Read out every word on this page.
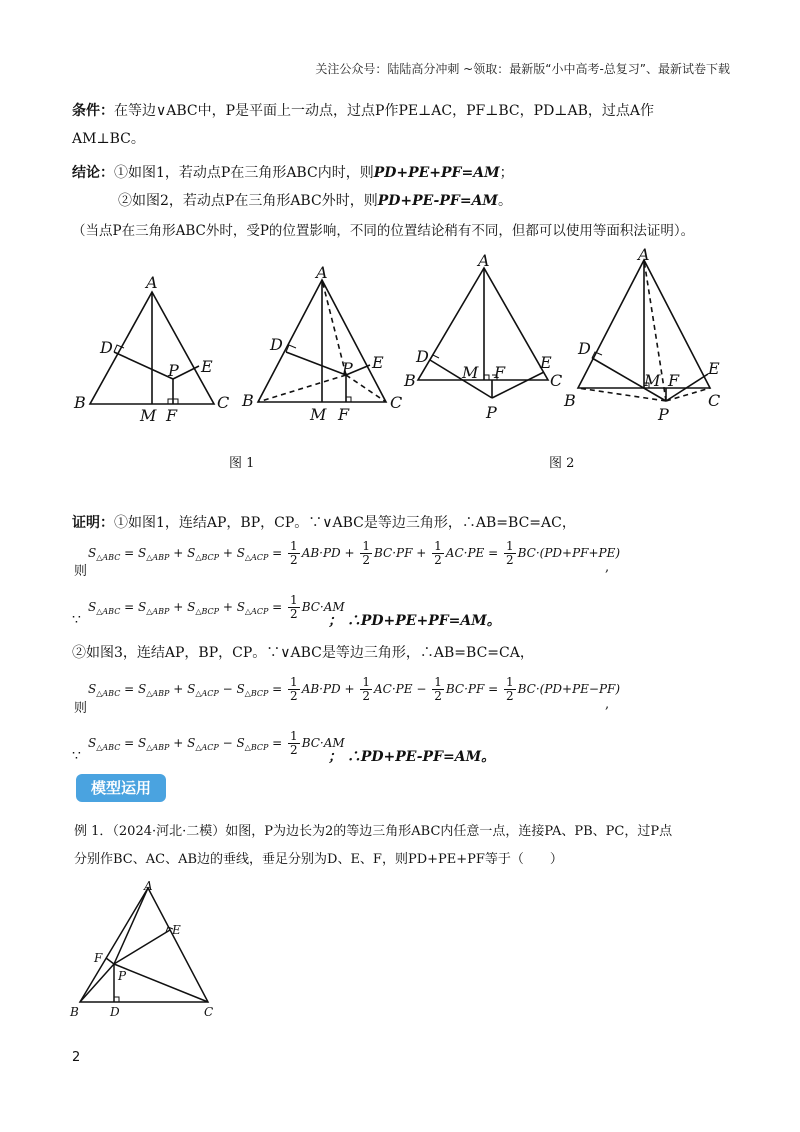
关注公众号：陆陆高分冲刺 ~领取：最新版“小中高考-总复习”、最新试卷下载
条件：在等边∨ABC中，P是平面上一动点，过点P作PE⊥AC，PF⊥BC，PD⊥AB，过点A作
AM⊥BC。
结论：①如图1，若动点P在三角形ABC内时，则PD+PE+PF=AM；
②如图2，若动点P在三角形ABC外时，则PD+PE-PF=AM。
（当点P在三角形ABC外时，受P的位置影响，不同的位置结论稍有不同，但都可以使用等面积法证明）。
A
B	C
D
E
P
M F
A
B	C
D
E
P
M F
A
B	C
D	E
M F
P
A
B	C
D
E
M F
P
图 1	图 2
证明：①如图1，连结AP，BP，CP。∵∨ABC是等边三角形，∴AB=BC=AC，
$S_{\triangle ABC} = S_{\triangle ABP} + S_{\triangle BCP} + S_{\triangle ACP} = \frac{1}{2} AB\cdot PD + \frac{1}{2} BC\cdot PF + \frac{1}{2} AC\cdot PE = \frac{1}{2} BC\cdot(PD+PF+PE)$
则	,
$S_{\triangle ABC} = S_{\triangle ABP} + S_{\triangle BCP} + S_{\triangle ACP} = \frac{1}{2} BC\cdot AM$
∵	； ∴PD+PE+PF=AM。
②如图3，连结AP，BP，CP。∵∨ABC是等边三角形，∴AB=BC=CA，
$S_{\triangle ABC} = S_{\triangle ABP} + S_{\triangle ACP} - S_{\triangle BCP} = \frac{1}{2} AB\cdot PD + \frac{1}{2} AC\cdot PE - \frac{1}{2} BC\cdot PF = \frac{1}{2} BC\cdot(PD+PE-PF)$
则	,
$S_{\triangle ABC} = S_{\triangle ABP} + S_{\triangle ACP} - S_{\triangle BCP} = \frac{1}{2} BC\cdot AM$
∵	； ∴PD+PE-PF=AM。
模型运用
例 1．（2024·河北·二模）如图，P为边长为2的等边三角形ABC内任意一点，连接PA、PB、PC，过P点
分别作BC、AC、AB边的垂线，垂足分别为D、E、F，则PD+PE+PF等于（　　）
A
B	C
D
E
F
P
2
